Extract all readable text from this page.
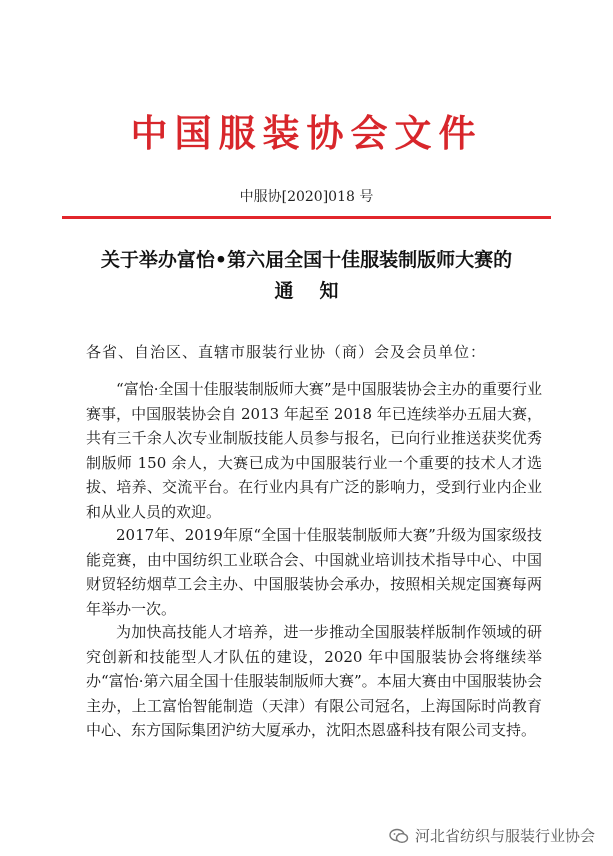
中国服装协会文件
中服协[2020]018 号
关于举办富怡•第六届全国十佳服装制版师大赛的
通知
各省、自治区、直辖市服装行业协（商）会及会员单位：

“富怡·全国十佳服装制版师大赛”是中国服装协会主办的重要行业赛事，中国服装协会自 2013 年起至 2018 年已连续举办五届大赛，共有三千余人次专业制版技能人员参与报名，已向行业推送获奖优秀制版师 150 余人，大赛已成为中国服装行业一个重要的技术人才选拔、培养、交流平台。在行业内具有广泛的影响力，受到行业内企业和从业人员的欢迎。

2017年、2019年原“全国十佳服装制版师大赛”升级为国家级技能竞赛，由中国纺织工业联合会、中国就业培训技术指导中心、中国财贸轻纺烟草工会主办、中国服装协会承办，按照相关规定国赛每两年举办一次。

为加快高技能人才培养，进一步推动全国服装样版制作领域的研究创新和技能型人才队伍的建设，2020 年中国服装协会将继续举办“富怡·第六届全国十佳服装制版师大赛”。本届大赛由中国服装协会主办，上工富怡智能制造（天津）有限公司冠名，上海国际时尚教育中心、东方国际集团沪纺大厦承办，沈阳杰恩盛科技有限公司支持。

河北省纺织与服装行业协会
